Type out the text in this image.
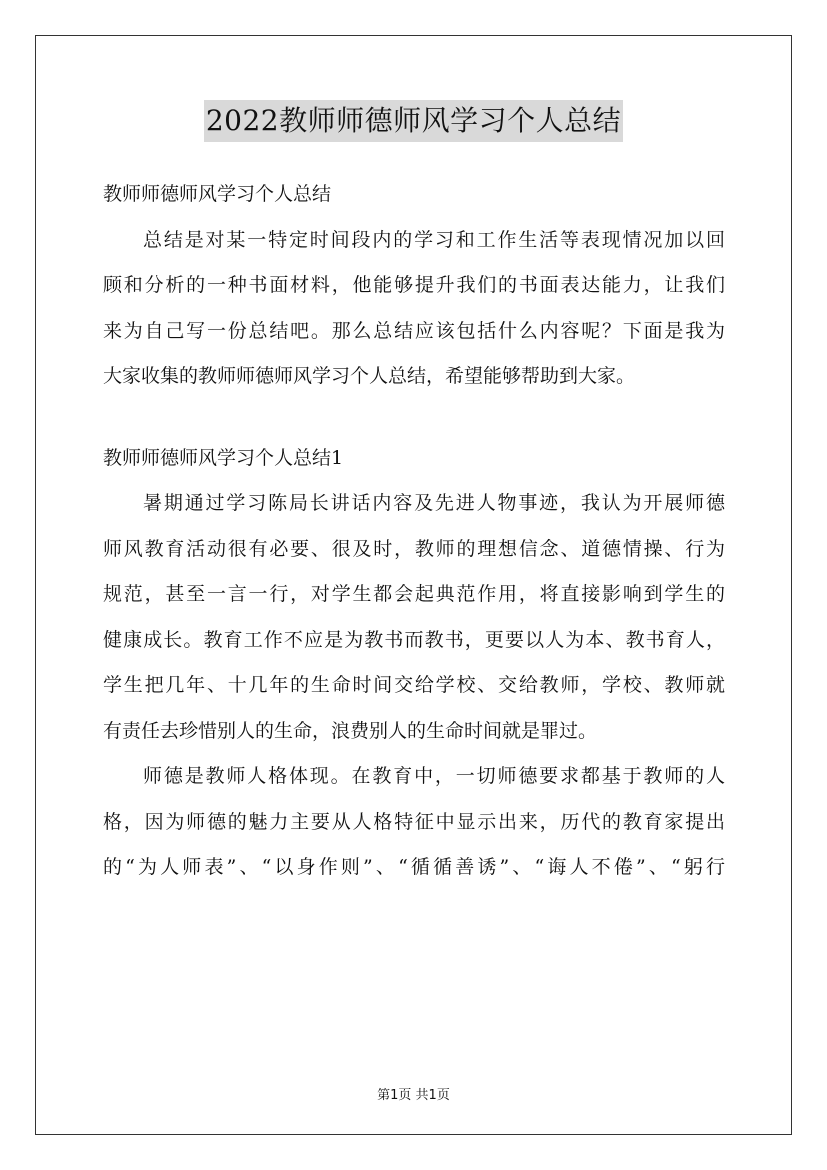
2022教师师德师风学习个人总结
教师师德师风学习个人总结
总结是对某一特定时间段内的学习和工作生活等表现情况加以回
顾和分析的一种书面材料，他能够提升我们的书面表达能力，让我们
来为自己写一份总结吧。那么总结应该包括什么内容呢？下面是我为
大家收集的教师师德师风学习个人总结，希望能够帮助到大家。
教师师德师风学习个人总结1
暑期通过学习陈局长讲话内容及先进人物事迹，我认为开展师德
师风教育活动很有必要、很及时，教师的理想信念、道德情操、行为
规范，甚至一言一行，对学生都会起典范作用，将直接影响到学生的
健康成长。教育工作不应是为教书而教书，更要以人为本、教书育人，
学生把几年、十几年的生命时间交给学校、交给教师，学校、教师就
有责任去珍惜别人的生命，浪费别人的生命时间就是罪过。
师德是教师人格体现。在教育中，一切师德要求都基于教师的人
格，因为师德的魅力主要从人格特征中显示出来，历代的教育家提出
的“为人师表”、“以身作则”、“循循善诱”、“诲人不倦”、“躬行
第1页 共1页
